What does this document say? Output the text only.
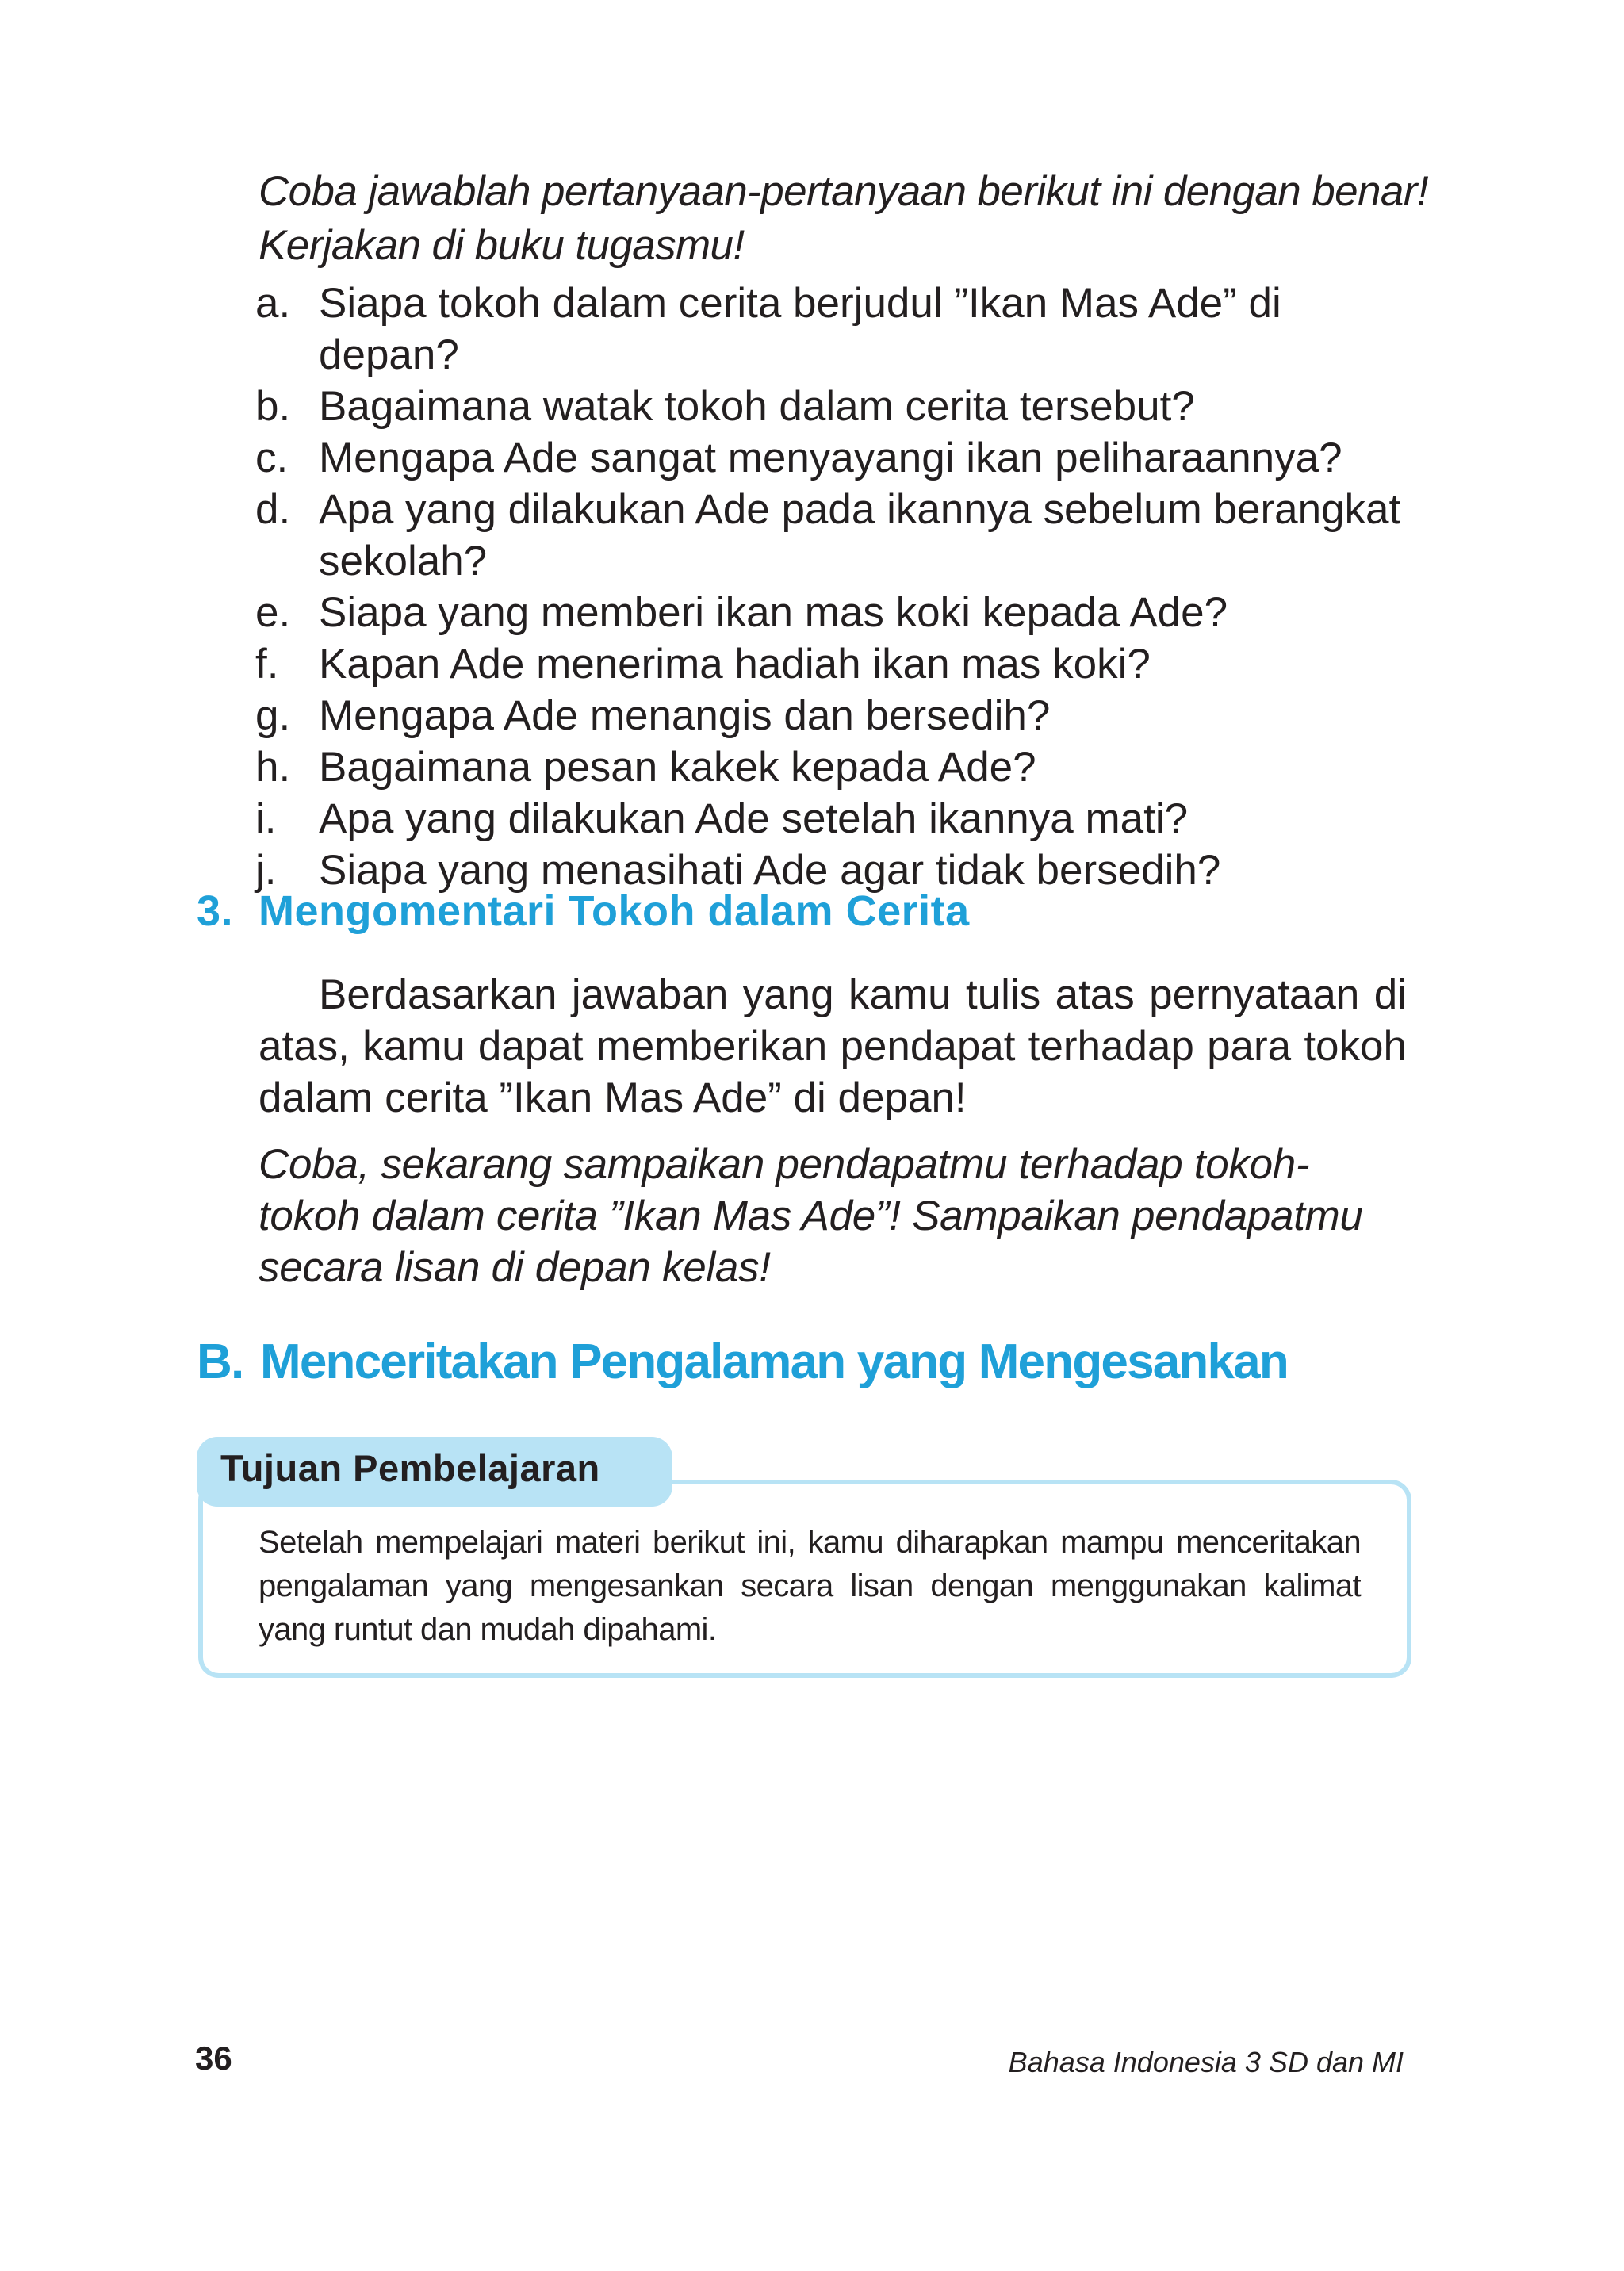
Coba jawablah pertanyaan-pertanyaan berikut ini dengan benar!
Kerjakan di buku tugasmu!

a. Siapa tokoh dalam cerita berjudul ”Ikan Mas Ade” di depan?
b. Bagaimana watak tokoh dalam cerita tersebut?
c. Mengapa Ade sangat menyayangi ikan peliharaannya?
d. Apa yang dilakukan Ade pada ikannya sebelum berangkat sekolah?
e. Siapa yang memberi ikan mas koki kepada Ade?
f. Kapan Ade menerima hadiah ikan mas koki?
g. Mengapa Ade menangis dan bersedih?
h. Bagaimana pesan kakek kepada Ade?
i.	Apa yang dilakukan Ade setelah ikannya mati?
j.	Siapa yang menasihati Ade agar tidak bersedih?
3. Mengomentari Tokoh dalam Cerita

Berdasarkan jawaban yang kamu tulis atas pernyataan di atas, kamu dapat memberikan pendapat terhadap para tokoh dalam cerita ”Ikan Mas Ade” di depan!

Coba, sekarang sampaikan pendapatmu terhadap tokoh-tokoh dalam cerita ”Ikan Mas Ade”! Sampaikan pendapatmu secara lisan di depan kelas!

B. Menceritakan Pengalaman yang Mengesankan

Tujuan Pembelajaran

Setelah mempelajari materi berikut ini, kamu diharapkan mampu menceritakan pengalaman yang mengesankan secara lisan dengan menggunakan kalimat yang runtut dan mudah dipahami.

36	Bahasa Indonesia 3 SD dan MI
